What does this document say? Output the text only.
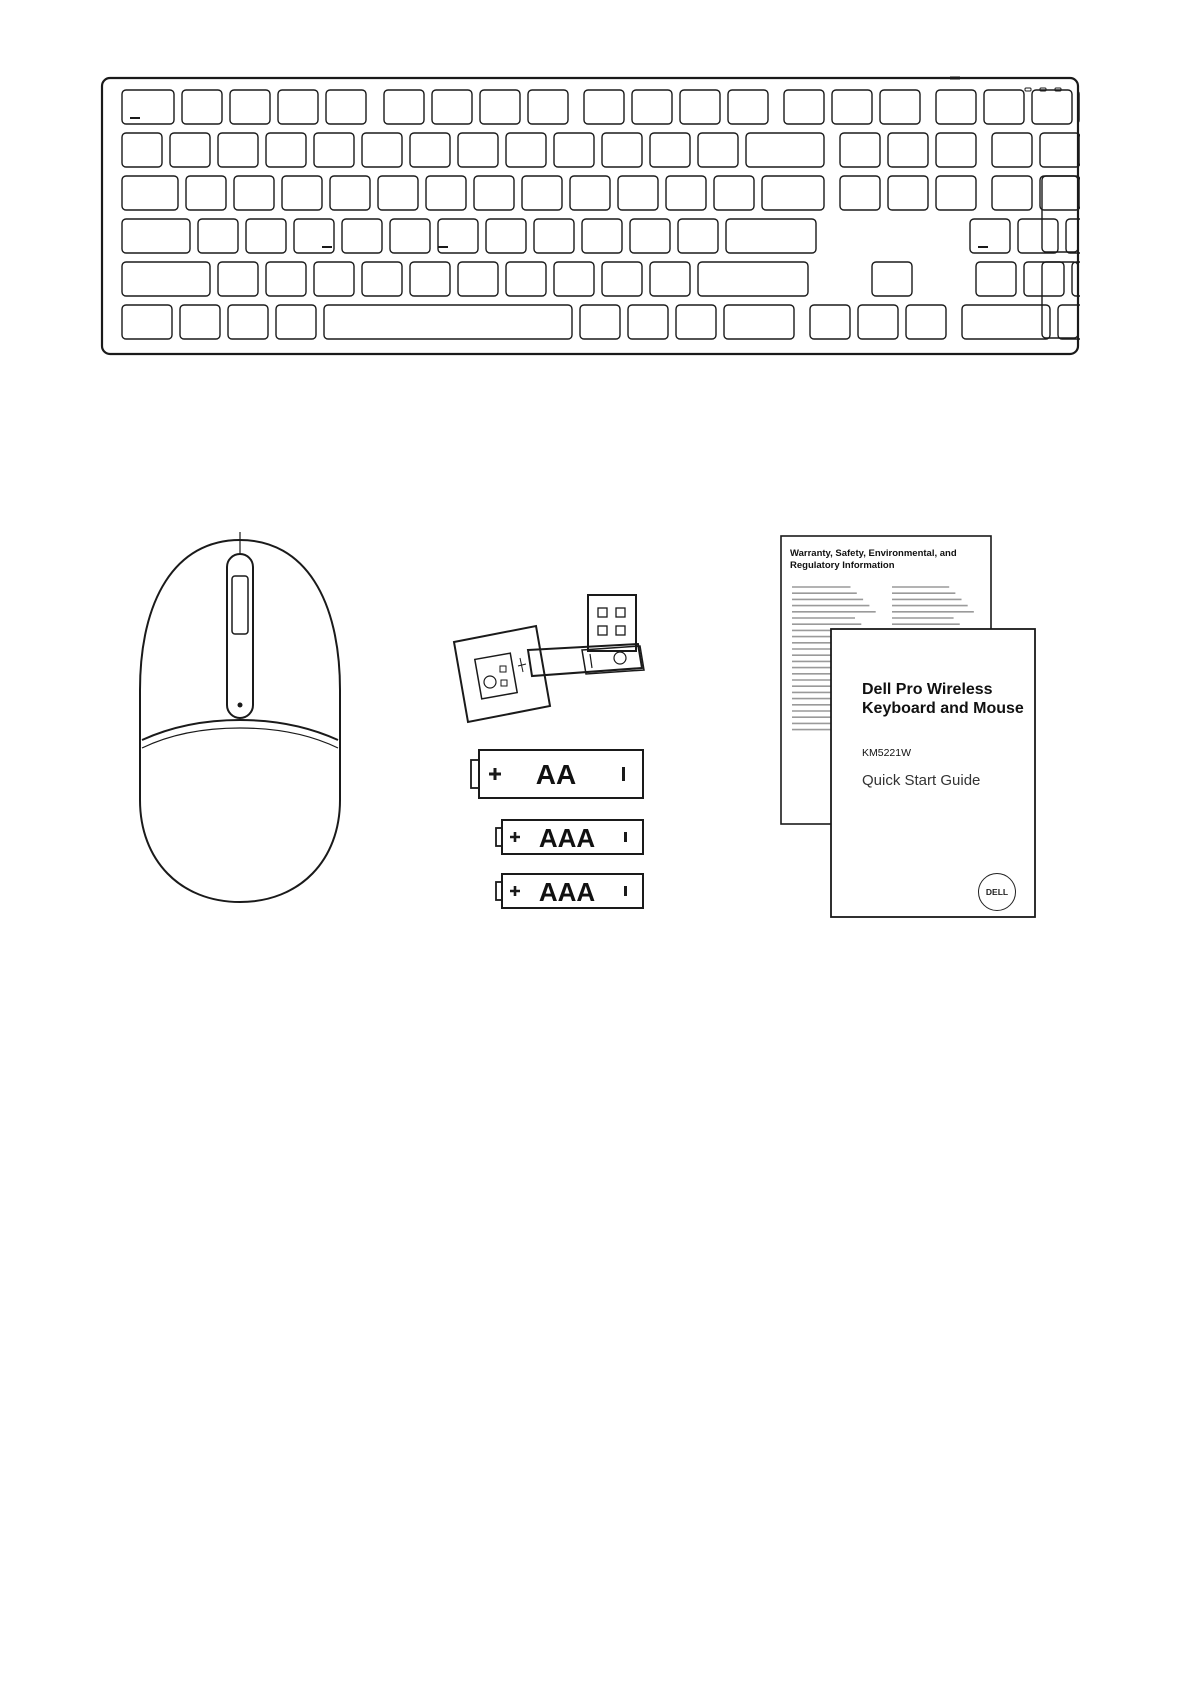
AA
AAA
AAA
Warranty, Safety, Environmental, and Regulatory Information
Dell Pro Wireless Keyboard and Mouse
KM5221W
Quick Start Guide
DELL
